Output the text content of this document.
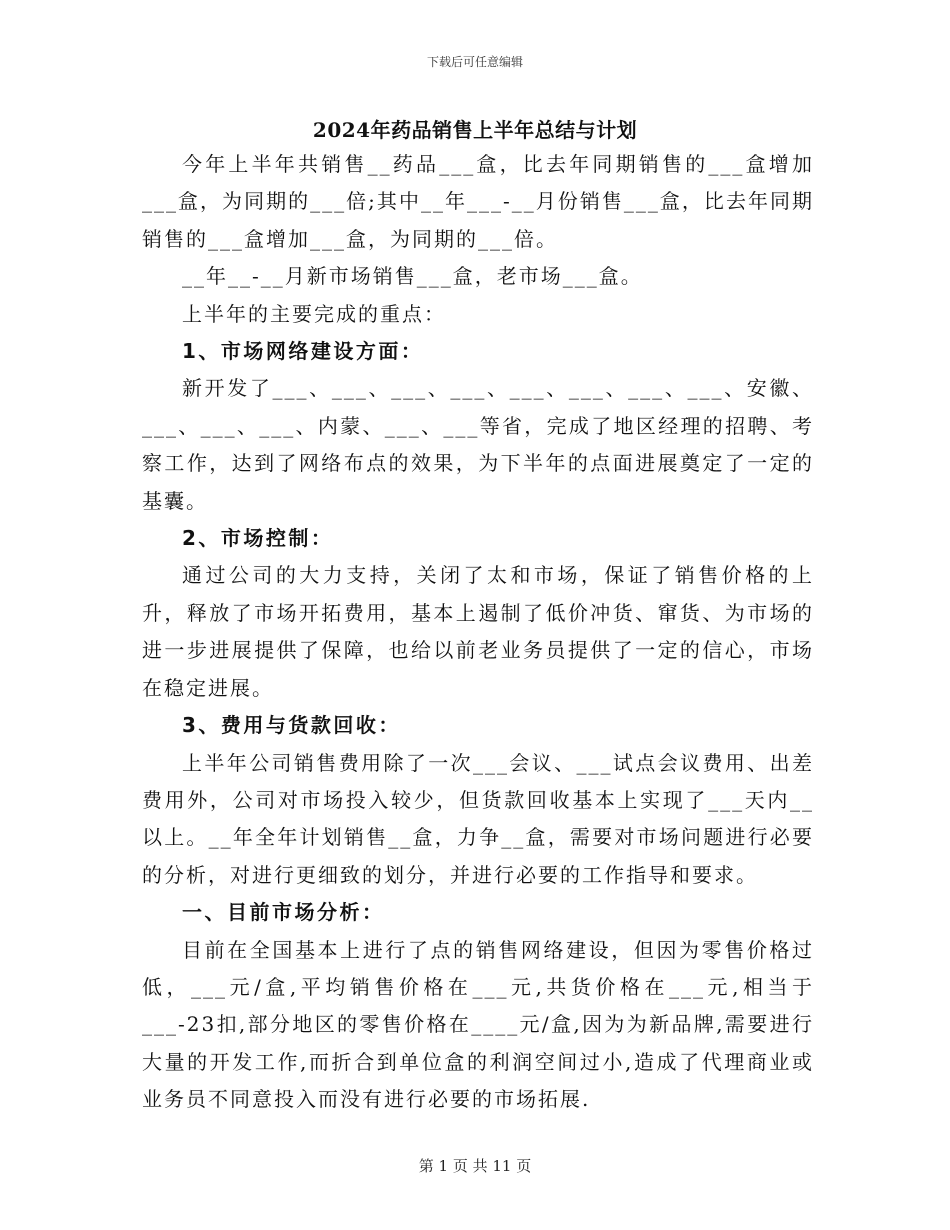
下载后可任意编辑
2024年药品销售上半年总结与计划

今年上半年共销售__药品___盒，比去年同期销售的___盒增加___盒，为同期的___倍;其中__年___-__月份销售___盒，比去年同期销售的___盒增加___盒，为同期的___倍。

__年__-__月新市场销售___盒，老市场___盒。

上半年的主要完成的重点：

1、市场网络建设方面：

新开发了___、___、___、___、___、___、___、___、安徽、___、___、___、内蒙、___、___等省，完成了地区经理的招聘、考察工作，达到了网络布点的效果，为下半年的点面进展奠定了一定的基囊。

2、市场控制：

通过公司的大力支持，关闭了太和市场，保证了销售价格的上升，释放了市场开拓费用，基本上遏制了低价冲货、窜货、为市场的进一步进展提供了保障，也给以前老业务员提供了一定的信心，市场在稳定进展。

3、费用与货款回收：

上半年公司销售费用除了一次___会议、___试点会议费用、出差费用外，公司对市场投入较少，但货款回收基本上实现了___天内__以上。__年全年计划销售__盒，力争__盒，需要对市场问题进行必要的分析，对进行更细致的划分，并进行必要的工作指导和要求。

一、目前市场分析：

目前在全国基本上进行了点的销售网络建设，但因为零售价格过低，___元/盒,平均销售价格在___元,共货价格在___元,相当于___-23扣,部分地区的零售价格在____元/盒,因为为新品牌,需要进行大量的开发工作,而折合到单位盒的利润空间过小,造成了代理商业或业务员不同意投入而没有进行必要的市场拓展.

第 1 页 共 11 页
